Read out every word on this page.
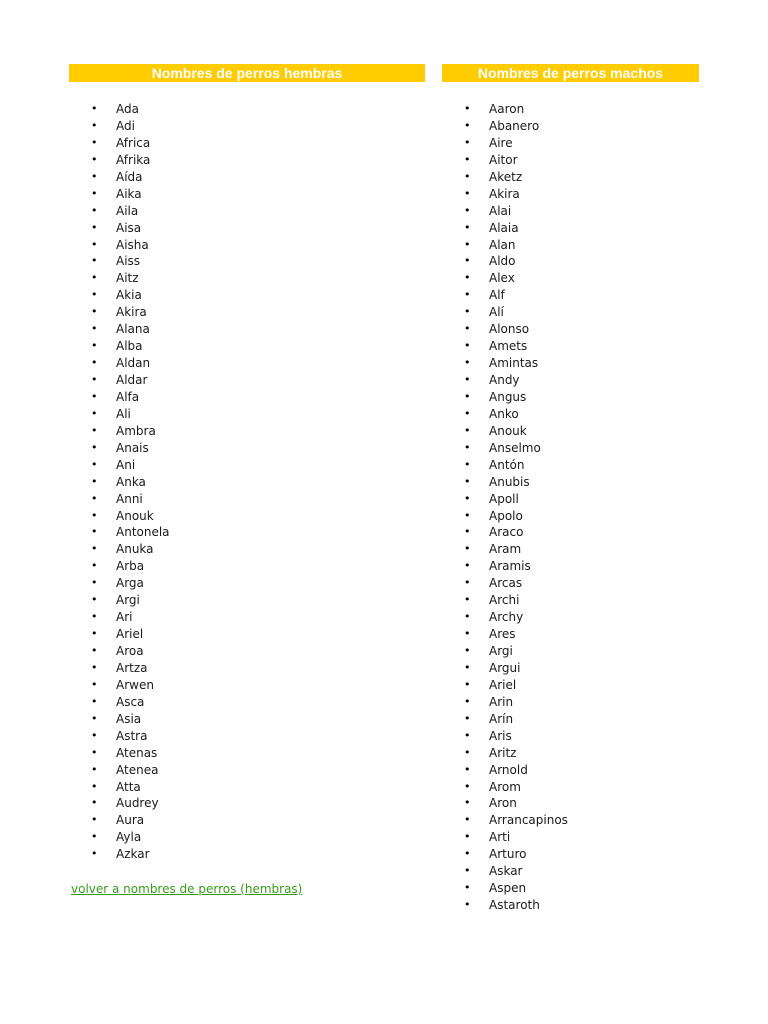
Nombres de perros hembras
• Ada
• Adi
• Africa
• Afrika
• Aída
• Aika
• Aila
• Aisa
• Aisha
• Aiss
• Aitz
• Akia
• Akira
• Alana
• Alba
• Aldan
• Aldar
• Alfa
• Ali
• Ambra
• Anais
• Ani
• Anka
• Anni
• Anouk
• Antonela
• Anuka
• Arba
• Arga
• Argi
• Ari
• Ariel
• Aroa
• Artza
• Arwen
• Asca
• Asia
• Astra
• Atenas
• Atenea
• Atta
• Audrey
• Aura
• Ayla
• Azkar
Nombres de perros machos
• Aaron
• Abanero
• Aire
• Aitor
• Aketz
• Akira
• Alai
• Alaia
• Alan
• Aldo
• Alex
• Alf
• Alí
• Alonso
• Amets
• Amintas
• Andy
• Angus
• Anko
• Anouk
• Anselmo
• Antón
• Anubis
• Apoll
• Apolo
• Araco
• Aram
• Aramis
• Arcas
• Archi
• Archy
• Ares
• Argi
• Argui
• Ariel
• Arin
• Arín
• Aris
• Aritz
• Arnold
• Arom
• Aron
• Arrancapinos
• Arti
• Arturo
• Askar
• Aspen
• Astaroth
volver a nombres de perros (hembras)
